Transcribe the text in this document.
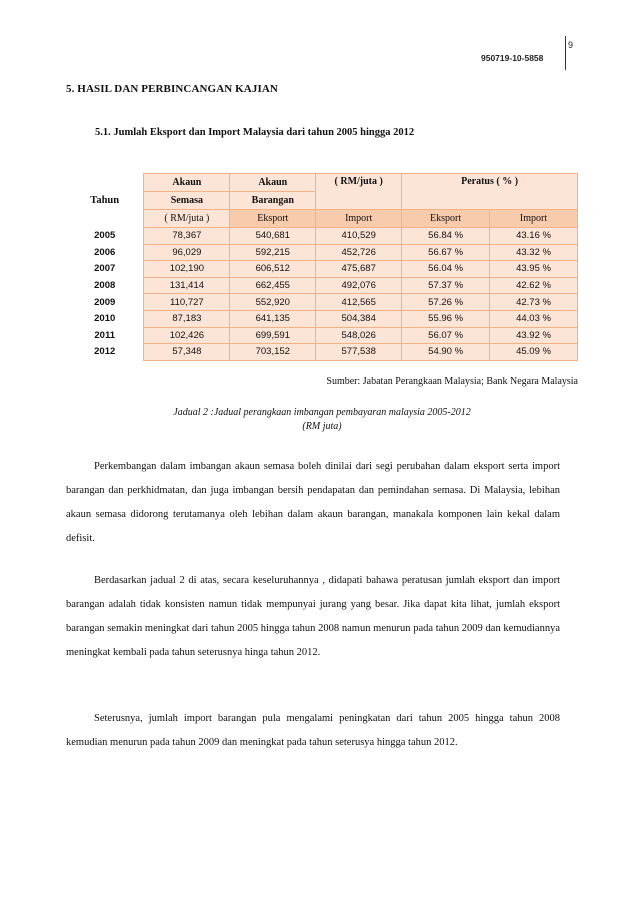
9
950719-10-5858
5. HASIL DAN PERBINCANGAN KAJIAN
5.1. Jumlah Eksport dan Import Malaysia dari tahun 2005 hingga 2012
Tahun	Akaun	Akaun	( RM/juta )	Peratus ( % )	
	Semasa	Barangan			
	( RM/juta )	Eksport	Import	Eksport	Import
2005	78,367	540,681	410,529	56.84 %	43.16 %
2006	96,029	592,215	452,726	56.67 %	43.32 %
2007	102,190	606,512	475,687	56.04 %	43.95 %
2008	131,414	662,455	492,076	57.37 %	42.62 %
2009	110,727	552,920	412,565	57.26 %	42.73 %
2010	87,183	641,135	504,384	55.96 %	44.03 %
2011	102,426	699,591	548,026	56.07 %	43.92 %
2012	57,348	703,152	577,538	54.90 %	45.09 %
Sumber: Jabatan Perangkaan Malaysia; Bank Negara Malaysia
Jadual 2 :Jadual perangkaan imbangan pembayaran malaysia 2005-2012
(RM juta)
Perkembangan dalam imbangan akaun semasa boleh dinilai dari segi perubahan dalam eksport serta import barangan dan perkhidmatan, dan juga imbangan bersih pendapatan dan pemindahan semasa. Di Malaysia, lebihan akaun semasa didorong terutamanya oleh lebihan dalam akaun barangan, manakala komponen lain kekal dalam defisit.
Berdasarkan jadual 2 di atas, secara keseluruhannya , didapati bahawa peratusan jumlah eksport dan import barangan adalah tidak konsisten namun tidak mempunyai jurang yang besar. Jika dapat kita lihat, jumlah eksport barangan semakin meningkat dari tahun 2005 hingga tahun 2008 namun menurun pada tahun 2009 dan kemudiannya meningkat kembali pada tahun seterusnya hinga tahun 2012.
Seterusnya, jumlah import barangan pula mengalami peningkatan dari tahun 2005 hingga tahun 2008 kemudian menurun pada tahun 2009 dan meningkat pada tahun seterusya hingga tahun 2012.
